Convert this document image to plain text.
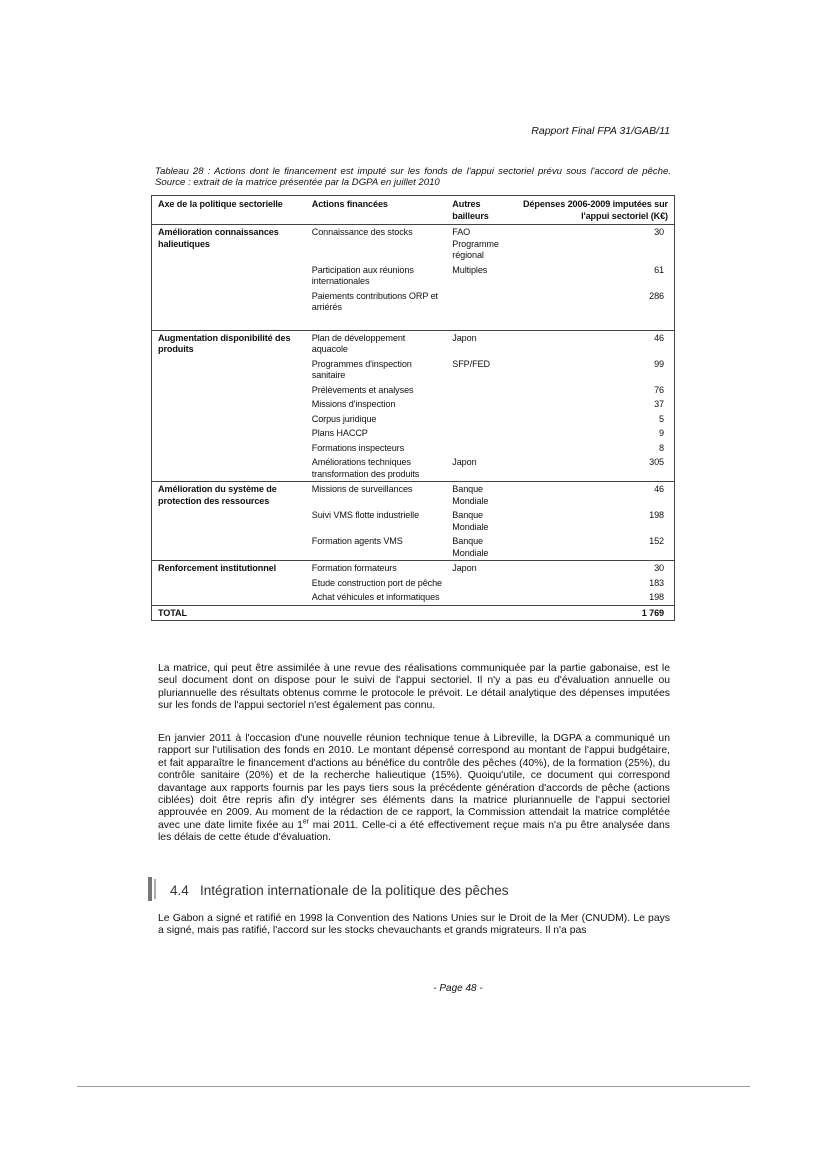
Rapport Final FPA 31/GAB/11
Tableau 28 : Actions dont le financement est imputé sur les fonds de l'appui sectoriel prévu sous l'accord de pêche. Source : extrait de la matrice présentée par la DGPA en juillet 2010
Axe de la politique sectorielle	Actions financées	Autres bailleurs	Dépenses 2006-2009 imputées sur l'appui sectoriel (K€)
Amélioration connaissances halieutiques	Connaissance des stocks	FAO Programme régional	30
	Participation aux réunions internationales	Multiples	61
	Paiements contributions ORP et arriérés		286

Augmentation disponibilité des produits	Plan de développement aquacole	Japon	46
	Programmes d'inspection sanitaire	SFP/FED	99
	Prélèvements et analyses		76
	Missions d'inspection		37
	Corpus juridique		5
	Plans HACCP		9
	Formations inspecteurs		8
	Améliorations techniques transformation des produits	Japon	305
Amélioration du système de protection des ressources	Missions de surveillances	Banque Mondiale	46
	Suivi VMS flotte industrielle	Banque Mondiale	198
	Formation agents VMS	Banque Mondiale	152
Renforcement institutionnel	Formation formateurs	Japon	30
	Etude construction port de pêche		183
	Achat véhicules et informatiques		198
TOTAL			1 769
La matrice, qui peut être assimilée à une revue des réalisations communiquée par la partie gabonaise, est le seul document dont on dispose pour le suivi de l'appui sectoriel. Il n'y a pas eu d'évaluation annuelle ou pluriannuelle des résultats obtenus comme le protocole le prévoit. Le détail analytique des dépenses imputées sur les fonds de l'appui sectoriel n'est également pas connu.
En janvier 2011 à l'occasion d'une nouvelle réunion technique tenue à Libreville, la DGPA a communiqué un rapport sur l'utilisation des fonds en 2010. Le montant dépensé correspond au montant de l'appui budgétaire, et fait apparaître le financement d'actions au bénéfice du contrôle des pêches (40%), de la formation (25%), du contrôle sanitaire (20%) et de la recherche halieutique (15%). Quoiqu'utile, ce document qui correspond davantage aux rapports fournis par les pays tiers sous la précédente génération d'accords de pêche (actions ciblées) doit être repris afin d'y intégrer ses éléments dans la matrice pluriannuelle de l'appui sectoriel approuvée en 2009. Au moment de la rédaction de ce rapport, la Commission attendait la matrice complétée avec une date limite fixée au 1er mai 2011. Celle-ci a été effectivement reçue mais n'a pu être analysée dans les délais de cette étude d'évaluation.
4.4 Intégration internationale de la politique des pêches
Le Gabon a signé et ratifié en 1998 la Convention des Nations Unies sur le Droit de la Mer (CNUDM). Le pays a signé, mais pas ratifié, l'accord sur les stocks chevauchants et grands migrateurs. Il n'a pas
- Page 48 -
